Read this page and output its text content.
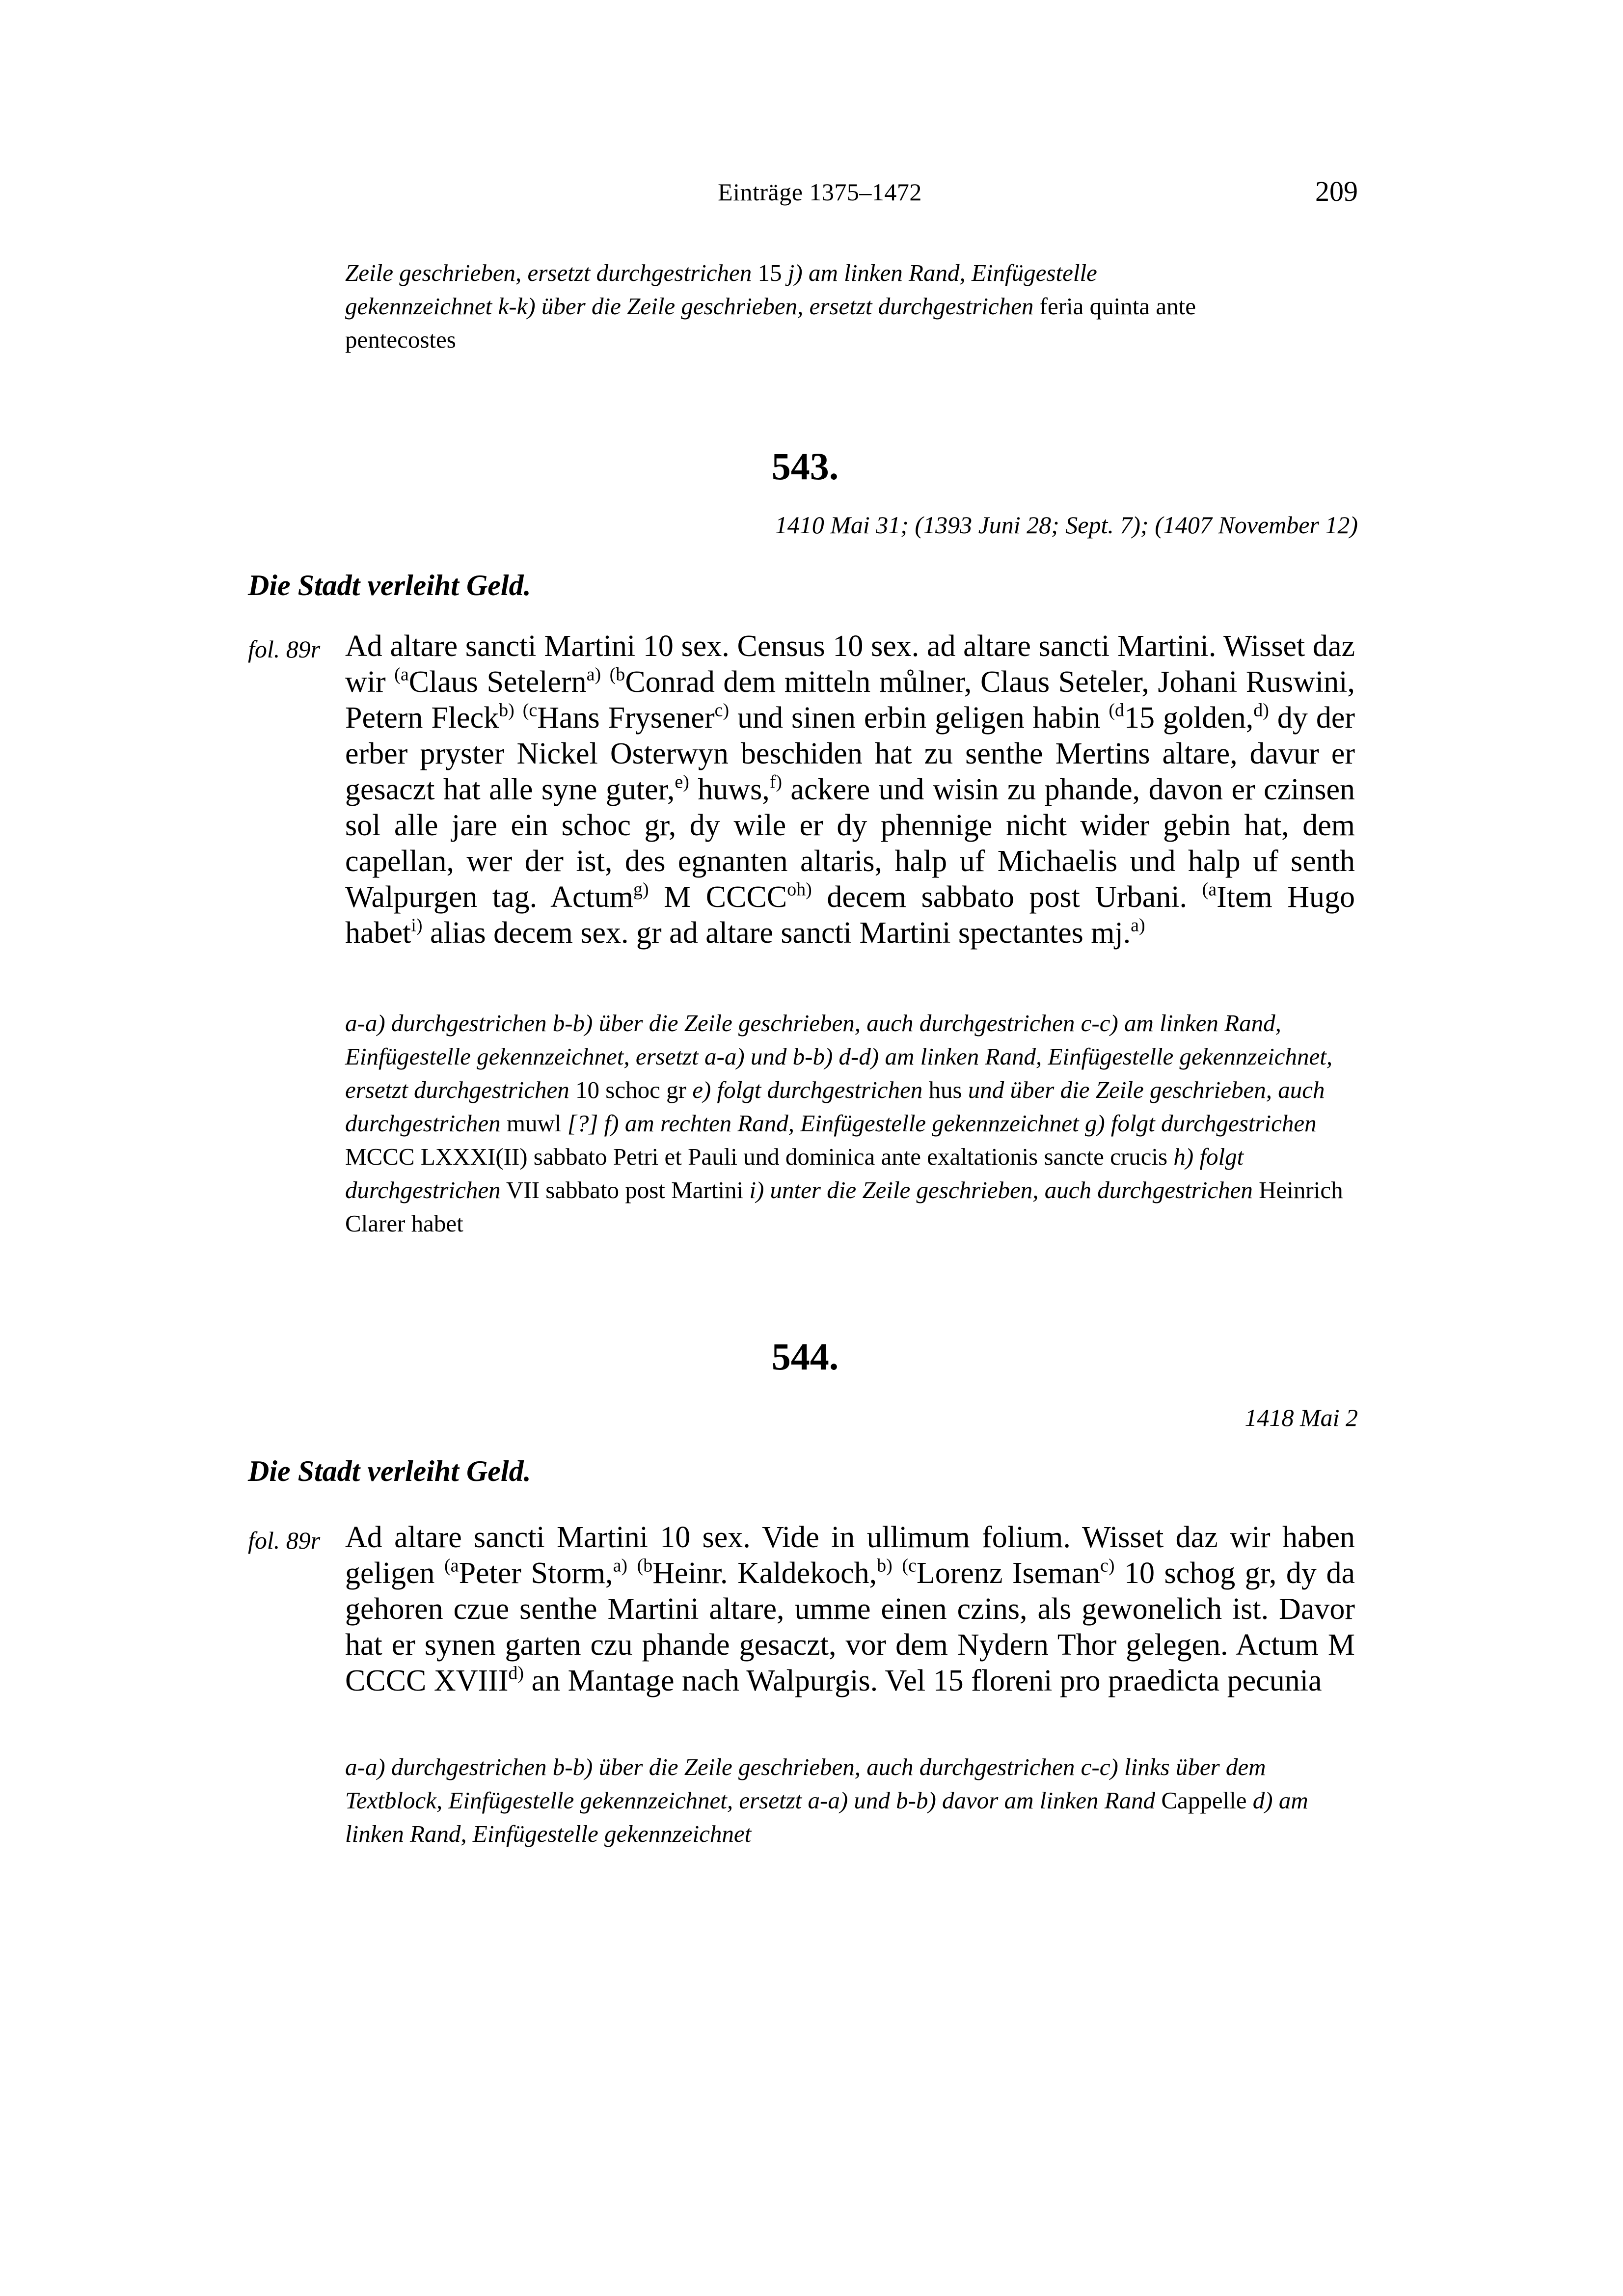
Einträge 1375–1472	209
Zeile geschrieben, ersetzt durchgestrichen 15 j) am linken Rand, Einfügestelle
gekennzeichnet k-k) über die Zeile geschrieben, ersetzt durchgestrichen feria quinta ante
pentecostes
543.
1410 Mai 31; (1393 Juni 28; Sept. 7); (1407 November 12)
Die Stadt verleiht Geld.
fol. 89r Ad altare sancti Martini 10 sex. Census 10 sex. ad altare sancti Martini. Wisset daz wir $^{(a}$Claus Setelern$^{a)}$ $^{(b}$Conrad dem mitteln můlner, Claus Seteler, Johani Ruswini, Petern Fleck$^{b)}$ $^{(c}$Hans Frysener$^{c)}$ und sinen erbin geligen habin $^{(d}$15 golden,$^{d)}$ dy der erber pryster Nickel Osterwyn beschiden hat zu senthe Mertins altare, davur er gesaczt hat alle syne guter,$^{e)}$ huws,$^{f)}$ ackere und wisin zu phande, davon er czinsen sol alle jare ein schoc gr, dy wile er dy phennige nicht wider gebin hat, dem capellan, wer der ist, des egnanten altaris, halp uf Michaelis und halp uf senth Walpurgen tag. Actum$^{g)}$ M $CCCC^{oh)}$ decem sabbato post Urbani. $^{(a}$Item Hugo habet$^{i)}$ alias decem sex. gr ad altare sancti Martini spectantes mj.$^{a)}$
a-a) durchgestrichen b-b) über die Zeile geschrieben, auch durchgestrichen c-c) am linken Rand, Einfügestelle gekennzeichnet, ersetzt a-a) und b-b) d-d) am linken Rand, Einfügestelle gekennzeichnet, ersetzt durchgestrichen 10 schoc gr e) folgt durchgestrichen hus und über die Zeile geschrieben, auch durchgestrichen muwl [?] f) am rechten Rand, Einfügestelle gekennzeichnet g) folgt durchgestrichen MCCC LXXXI(II) sabbato Petri et Pauli und dominica ante exaltationis sancte crucis h) folgt durchgestrichen VII sabbato post Martini i) unter die Zeile geschrieben, auch durchgestrichen Heinrich Clarer habet
544.
1418 Mai 2
Die Stadt verleiht Geld.
fol. 89r Ad altare sancti Martini 10 sex. Vide in ullimum folium. Wisset daz wir haben geligen $^{(a}$Peter Storm,$^{a)}$ $^{(b}$Heinr. Kaldekoch,$^{b)}$ $^{(c}$Lorenz Iseman$^{c)}$ 10 schog gr, dy da gehoren czue senthe Martini altare, umme einen czins, als gewonelich ist. Davor hat er synen garten czu phande gesaczt, vor dem Nydern Thor gelegen. Actum M CCCC XVIII$^{d)}$ an Mantage nach Walpurgis. Vel 15 floreni pro praedicta pecunia
a-a) durchgestrichen b-b) über die Zeile geschrieben, auch durchgestrichen c-c) links über dem Textblock, Einfügestelle gekennzeichnet, ersetzt a-a) und b-b) davor am linken Rand Cappelle d) am linken Rand, Einfügestelle gekennzeichnet
